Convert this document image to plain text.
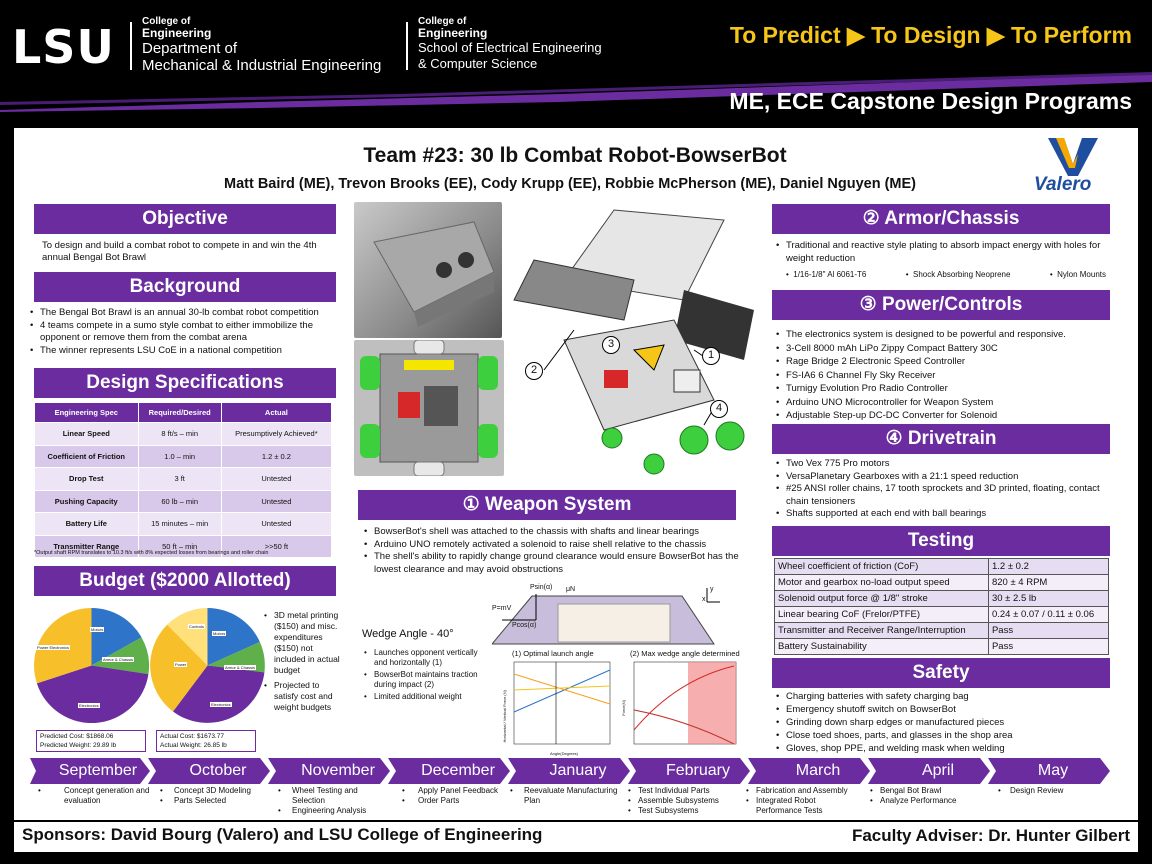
LSU	College of
Engineering
Department of
Mechanical & Industrial Engineering
College of
Engineering
School of Electrical Engineering
& Computer Science
To Predict ▶ To Design ▶ To Perform
ME, ECE Capstone Design Programs
Team #23: 30 lb Combat Robot-BowserBot
Matt Baird (ME), Trevon Brooks (EE), Cody Krupp (EE), Robbie McPherson (ME), Daniel Nguyen (ME)	Valero
Objective
To design and build a combat robot to compete in and win the 4th annual Bengal Bot Brawl
Background
• The Bengal Bot Brawl is an annual 30-lb combat robot competition
• 4 teams compete in a sumo style combat to either immobilize the opponent or remove them from the combat arena
• The winner represents LSU CoE in a national competition
Design Specifications
Engineering Spec	Required/Desired	Actual
Linear Speed	8 ft/s – min	Presumptively Achieved*
Coefficient of Friction	1.0 – min	1.2 ± 0.2
Drop Test	3 ft	Untested
Pushing Capacity	60 lb – min	Untested
Battery Life	15 minutes – min	Untested
Transmitter Range	50 ft – min	>>50 ft
*Output shaft RPM translates to 10.3 ft/s with 8% expected losses from bearings and roller chain
Budget ($2000 Allotted)
Motors
Armor & Chassis
Electronics
Power Electronics
Motors
Armor & Chassis
Electronics
Power
Controls
Predicted Cost: $1868.06
Predicted Weight: 29.89 lb
Actual Cost: $1673.77
Actual Weight: 26.85 lb
• 3D metal printing ($150) and misc. expenditures ($150) not included in actual budget
• Projected to satisfy cost and weight budgets
1
2
3
4
① Weapon System
• BowserBot's shell was attached to the chassis with shafts and linear bearings
• Arduino UNO remotely activated a solenoid to raise shell relative to the chassis
• The shell's ability to rapidly change ground clearance would ensure BowserBot has the lowest clearance and may avoid obstructions
Wedge Angle - 40°
• Launches opponent vertically and horizontally (1)
• BowserBot maintains traction during impact (2)
• Limited additional weight
P=mV
Psin(α)
Pcos(α)
μN
x
y
(1) Optimal launch angle	(2) Max wedge angle determined
Horizontal / Vertical Force (N)	Force(N)
Angle(Degrees)
② Armor/Chassis
• Traditional and reactive style plating to absorb impact energy with holes for weight reduction
•  1/16-1/8" Al 6061-T6	•  Shock Absorbing Neoprene	•  Nylon Mounts
③ Power/Controls
• The electronics system is designed to be powerful and responsive.
• 3-Cell 8000 mAh LiPo Zippy Compact Battery 30C
• Rage Bridge 2 Electronic Speed Controller
• FS-IA6 6 Channel Fly Sky Receiver
• Turnigy Evolution Pro Radio Controller
• Arduino UNO Microcontroller for Weapon System
• Adjustable Step-up DC-DC Converter for Solenoid
④ Drivetrain
• Two Vex 775 Pro motors
• VersaPlanetary Gearboxes with a 21:1 speed reduction
• #25 ANSI roller chains, 17 tooth sprockets and 3D printed, floating, contact chain tensioners
• Shafts supported at each end with ball bearings
Testing
Wheel coefficient of friction (CoF)	1.2 ± 0.2
Motor and gearbox no-load output speed	820 ± 4 RPM
Solenoid output force @ 1/8" stroke	30 ± 2.5 lb
Linear bearing CoF (Frelor/PTFE)	0.24 ± 0.07 / 0.11 ± 0.06
Transmitter and Receiver Range/Interruption	Pass
Battery Sustainability	Pass
Safety
• Charging batteries with safety charging bag
• Emergency shutoff switch on BowserBot
• Grinding down sharp edges or manufactured pieces
• Close toed shoes, parts, and glasses in the shop area
• Gloves, shop PPE, and welding mask when welding
September	October	November	December	January	February	March	April	May
• Concept generation and evaluation
• Concept 3D Modeling
• Parts Selected
• Wheel Testing and Selection
• Engineering Analysis
• Apply Panel Feedback
• Order Parts
• Reevaluate Manufacturing Plan
• Test Individual Parts
• Assemble Subsystems
• Test Subsystems
• Fabrication and Assembly
• Integrated Robot Performance Tests
• Bengal Bot Brawl
• Analyze Performance
• Design Review
Sponsors: David Bourg (Valero) and LSU College of Engineering	Faculty Adviser: Dr. Hunter Gilbert
